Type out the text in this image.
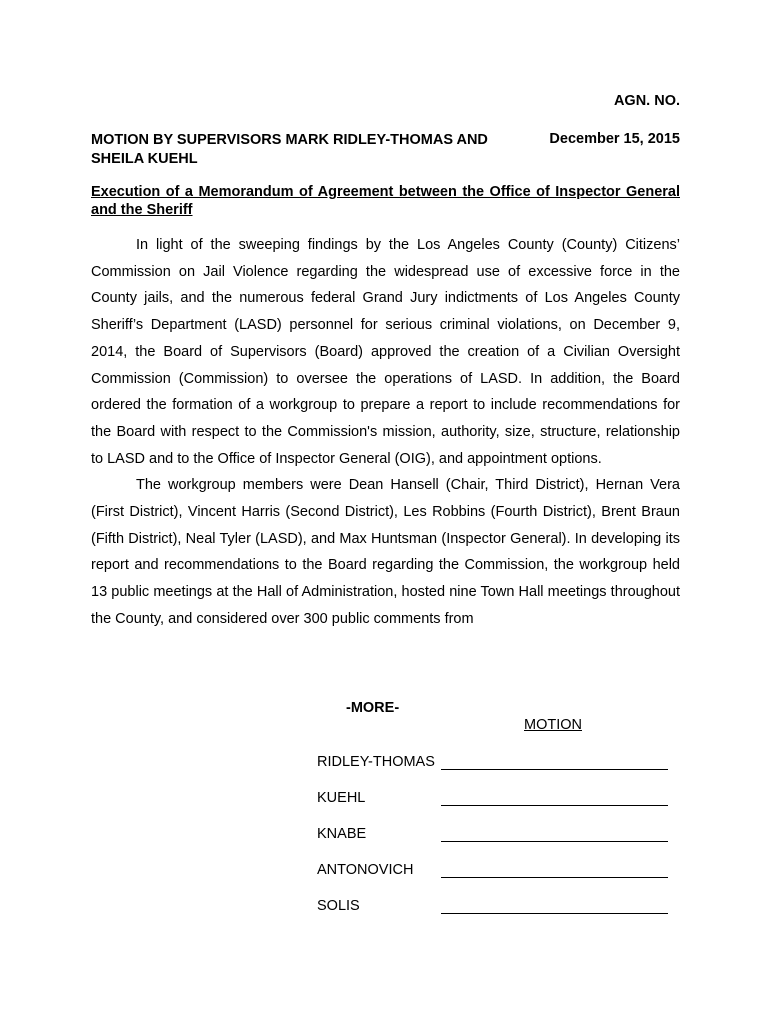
AGN. NO.
MOTION BY SUPERVISORS MARK RIDLEY-THOMAS AND
SHEILA KUEHL
December 15, 2015
Execution of a Memorandum of Agreement between the Office of Inspector General and the Sheriff

In light of the sweeping findings by the Los Angeles County (County) Citizens’ Commission on Jail Violence regarding the widespread use of excessive force in the County jails, and the numerous federal Grand Jury indictments of Los Angeles County Sheriff’s Department (LASD) personnel for serious criminal violations, on December 9, 2014, the Board of Supervisors (Board) approved the creation of a Civilian Oversight Commission (Commission) to oversee the operations of LASD. In addition, the Board ordered the formation of a workgroup to prepare a report to include recommendations for the Board with respect to the Commission's mission, authority, size, structure, relationship to LASD and to the Office of Inspector General (OIG), and appointment options.

The workgroup members were Dean Hansell (Chair, Third District), Hernan Vera (First District), Vincent Harris (Second District), Les Robbins (Fourth District), Brent Braun (Fifth District), Neal Tyler (LASD), and Max Huntsman (Inspector General). In developing its report and recommendations to the Board regarding the Commission, the workgroup held 13 public meetings at the Hall of Administration, hosted nine Town Hall meetings throughout the County, and considered over 300 public comments from

-MORE-
MOTION
RIDLEY-THOMAS
KUEHL
KNABE
ANTONOVICH
SOLIS
